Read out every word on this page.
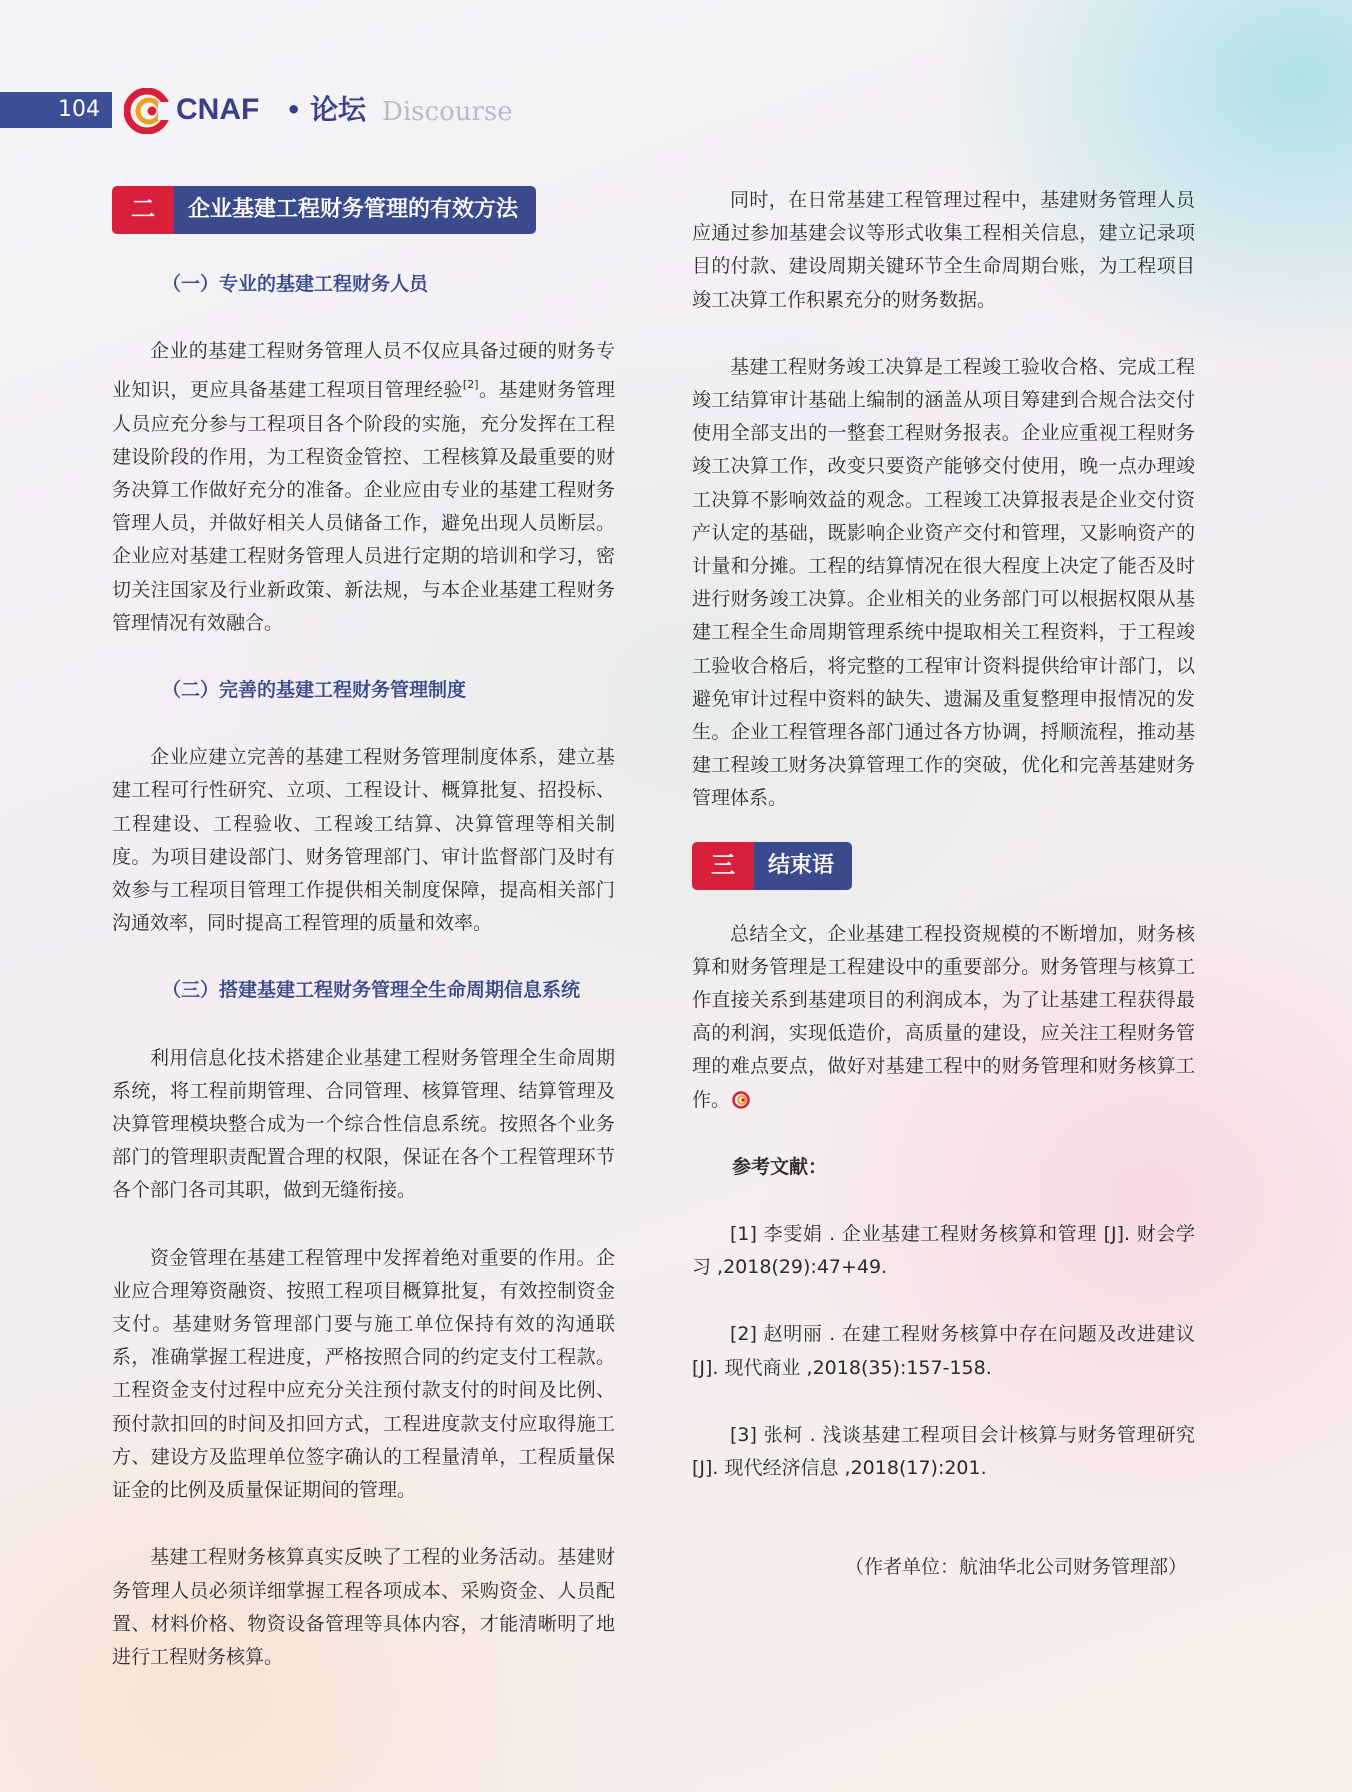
104	CNAF • 论坛 Discourse
二	企业基建工程财务管理的有效方法

（一）专业的基建工程财务人员

企业的基建工程财务管理人员不仅应具备过硬的财务专业知识，更应具备基建工程项目管理经验[2]。基建财务管理人员应充分参与工程项目各个阶段的实施，充分发挥在工程建设阶段的作用，为工程资金管控、工程核算及最重要的财务决算工作做好充分的准备。企业应由专业的基建工程财务管理人员，并做好相关人员储备工作，避免出现人员断层。企业应对基建工程财务管理人员进行定期的培训和学习，密切关注国家及行业新政策、新法规，与本企业基建工程财务管理情况有效融合。

（二）完善的基建工程财务管理制度

企业应建立完善的基建工程财务管理制度体系，建立基建工程可行性研究、立项、工程设计、概算批复、招投标、工程建设、工程验收、工程竣工结算、决算管理等相关制度。为项目建设部门、财务管理部门、审计监督部门及时有效参与工程项目管理工作提供相关制度保障，提高相关部门沟通效率，同时提高工程管理的质量和效率。

（三）搭建基建工程财务管理全生命周期信息系统

利用信息化技术搭建企业基建工程财务管理全生命周期系统，将工程前期管理、合同管理、核算管理、结算管理及决算管理模块整合成为一个综合性信息系统。按照各个业务部门的管理职责配置合理的权限，保证在各个工程管理环节各个部门各司其职，做到无缝衔接。

资金管理在基建工程管理中发挥着绝对重要的作用。企业应合理筹资融资、按照工程项目概算批复，有效控制资金支付。基建财务管理部门要与施工单位保持有效的沟通联系，准确掌握工程进度，严格按照合同的约定支付工程款。工程资金支付过程中应充分关注预付款支付的时间及比例、预付款扣回的时间及扣回方式，工程进度款支付应取得施工方、建设方及监理单位签字确认的工程量清单，工程质量保证金的比例及质量保证期间的管理。

基建工程财务核算真实反映了工程的业务活动。基建财务管理人员必须详细掌握工程各项成本、采购资金、人员配置、材料价格、物资设备管理等具体内容，才能清晰明了地进行工程财务核算。

同时，在日常基建工程管理过程中，基建财务管理人员应通过参加基建会议等形式收集工程相关信息，建立记录项目的付款、建设周期关键环节全生命周期台账，为工程项目竣工决算工作积累充分的财务数据。

基建工程财务竣工决算是工程竣工验收合格、完成工程竣工结算审计基础上编制的涵盖从项目筹建到合规合法交付使用全部支出的一整套工程财务报表。企业应重视工程财务竣工决算工作，改变只要资产能够交付使用，晚一点办理竣工决算不影响效益的观念。工程竣工决算报表是企业交付资产认定的基础，既影响企业资产交付和管理，又影响资产的计量和分摊。工程的结算情况在很大程度上决定了能否及时进行财务竣工决算。企业相关的业务部门可以根据权限从基建工程全生命周期管理系统中提取相关工程资料，于工程竣工验收合格后，将完整的工程审计资料提供给审计部门，以避免审计过程中资料的缺失、遗漏及重复整理申报情况的发生。企业工程管理各部门通过各方协调，捋顺流程，推动基建工程竣工财务决算管理工作的突破，优化和完善基建财务管理体系。

三	结束语

总结全文，企业基建工程投资规模的不断增加，财务核算和财务管理是工程建设中的重要部分。财务管理与核算工作直接关系到基建项目的利润成本，为了让基建工程获得最高的利润，实现低造价，高质量的建设，应关注工程财务管理的难点要点，做好对基建工程中的财务管理和财务核算工作。

参考文献：

[1] 李雯娟 . 企业基建工程财务核算和管理 [J]. 财会学习 ,2018(29):47+49.

[2] 赵明丽 . 在建工程财务核算中存在问题及改进建议 [J]. 现代商业 ,2018(35):157-158.

[3] 张柯 . 浅谈基建工程项目会计核算与财务管理研究 [J]. 现代经济信息 ,2018(17):201.

（作者单位：航油华北公司财务管理部）
